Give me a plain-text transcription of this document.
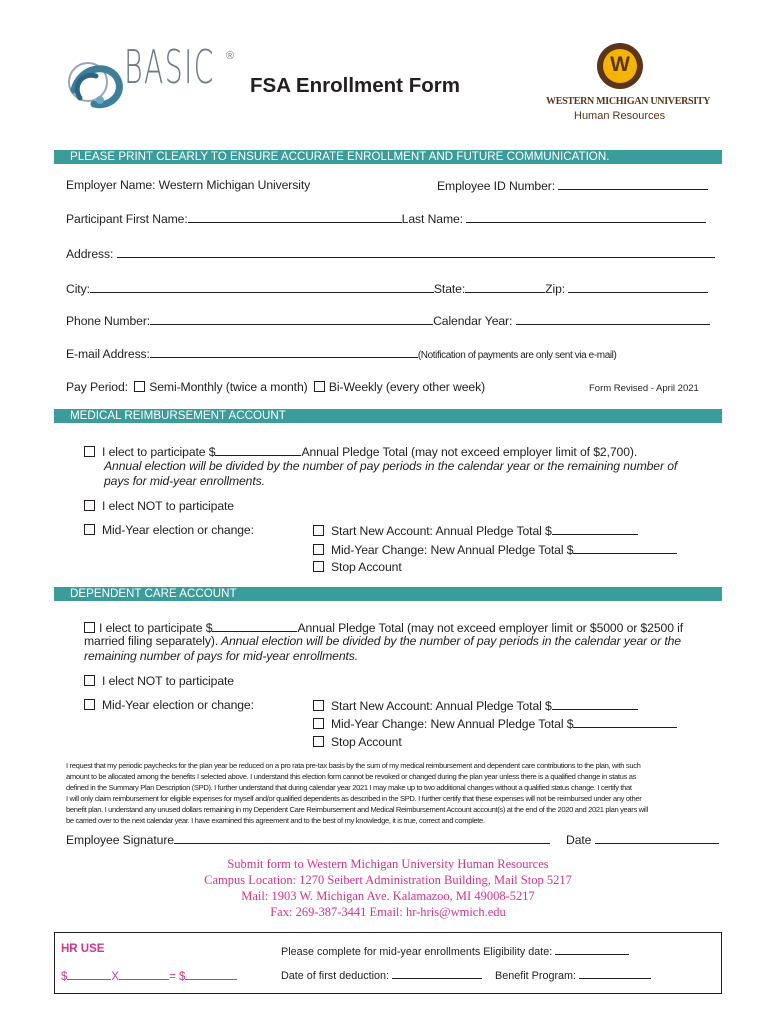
BASIC ®
FSA Enrollment Form
W
WESTERN MICHIGAN UNIVERSITY
Human Resources
PLEASE PRINT CLEARLY TO ENSURE ACCURATE ENROLLMENT AND FUTURE COMMUNICATION.
Employer Name: Western Michigan University	Employee ID Number:
Participant First Name:	Last Name:
Address:
City:	State:	Zip:
Phone Number:	Calendar Year:
E-mail Address:	(Notification of payments are only sent via e-mail)
Pay Period: Semi-Monthly (twice a month) Bi-Weekly (every other week)	Form Revised - April 2021
MEDICAL REIMBURSEMENT ACCOUNT
I elect to participate $	Annual Pledge Total (may not exceed employer limit of $2,700).
Annual election will be divided by the number of pay periods in the calendar year or the remaining number of
pays for mid-year enrollments.
I elect NOT to participate
Mid-Year election or change:	Start New Account: Annual Pledge Total $
Mid-Year Change: New Annual Pledge Total $
Stop Account
DEPENDENT CARE ACCOUNT
I elect to participate $	Annual Pledge Total (may not exceed employer limit or $5000 or $2500 if
married filing separately). Annual election will be divided by the number of pay periods in the calendar year or the
remaining number of pays for mid-year enrollments.
I elect NOT to participate
Mid-Year election or change:	Start New Account: Annual Pledge Total $
Mid-Year Change: New Annual Pledge Total $
Stop Account
I request that my periodic paychecks for the plan year be reduced on a pro rata pre-tax basis by the sum of my medical reimbursement and dependent care contributions to the plan, with such
amount to be allocated among the benefits I selected above. I understand this election form cannot be revoked or changed during the plan year unless there is a qualified change in status as
defined in the Summary Plan Description (SPD). I further understand that during calendar year 2021 I may make up to two additional changes without a qualified status change. I certify that
I will only claim reimbursement for eligible expenses for myself and/or qualified dependents as described in the SPD. I further certify that these expenses will not be reimbursed under any other
benefit plan. I understand any unused dollars remaining in my Dependent Care Reimbursement and Medical Reimbursement Account account(s) at the end of the 2020 and 2021 plan years will
be carried over to the next calendar year. I have examined this agreement and to the best of my knowledge, it is true, correct and complete.
Employee Signature	Date
Submit form to Western Michigan University Human Resources
Campus Location: 1270 Seibert Administration Building, Mail Stop 5217
Mail: 1903 W. Michigan Ave. Kalamazoo, MI 49008-5217
Fax: 269-387-3441 Email: hr-hris@wmich.edu
HR USE
$	X	= $
Please complete for mid-year enrollments Eligibility date:
Date of first deduction:	Benefit Program:
